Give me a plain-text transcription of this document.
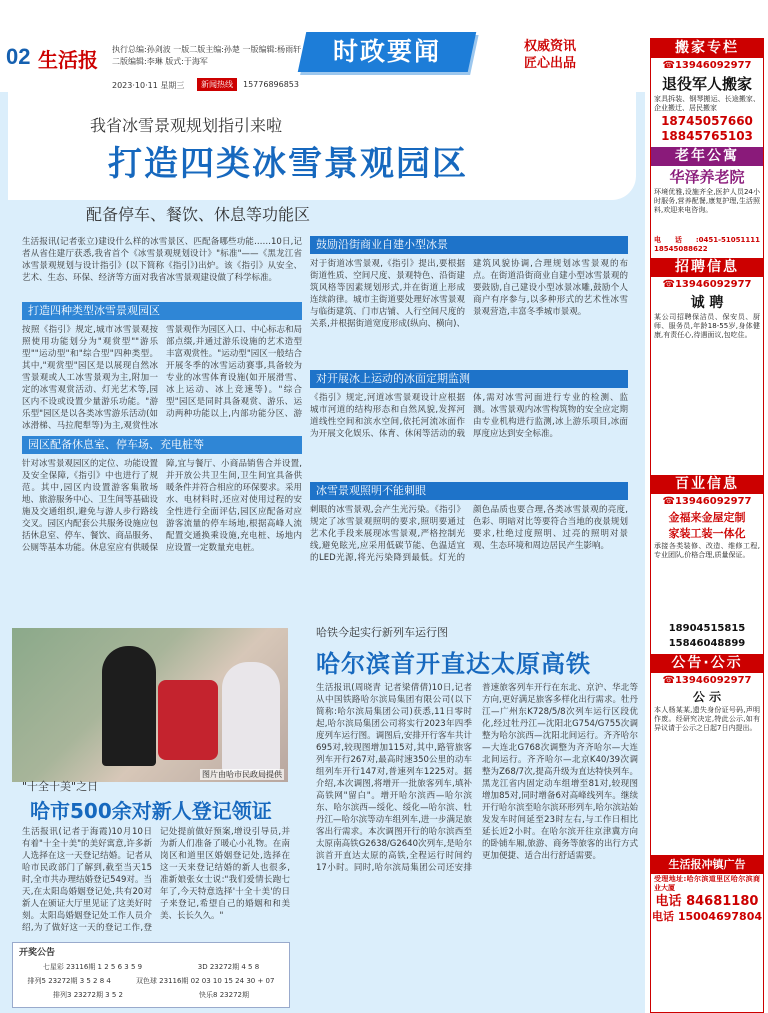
02 生活报 执行总编:孙剑波 一版二版主编:孙楚 一版编辑:杨雨轩 二版编辑:李琳 版式:于海军
2023·10·11 星期三	新闻热线	15776896853
时政要闻	权威资讯
匠心出品
我省冰雪景观规划指引来啦
打造四类冰雪景观园区
配备停车、餐饮、休息等功能区
生活报讯(记者张立)建设什么样的冰雪景区、匹配备哪些功能……10日,记者从省住建厅获悉,我省首个《冰雪景观规划设计》"标准"——《黑龙江省冰雪景观规划与设计指引》(以下简称《指引》)出炉。该《指引》从安全、艺术、生态、环保、经济等方面对我省冰雪景观建设做了科学标准。
打造四种类型冰雪景观园区
按照《指引》规定,城市冰雪景观按照使用功能划分为"观赏型""游乐型""运动型"和"综合型"四种类型。其中,"观赏型"园区是以展现自然冰雪景观或人工冰雪景观为主,附加一定的冰雪观赏活动、灯光艺术等,园区内不设或设置少量游乐功能。"游乐型"园区是以各类冰雪游乐活动(如冰滑梯、马拉爬犁等)为主,观赏性冰雪景观作为园区入口、中心标志和局部点缀,并通过游乐设施的艺术造型丰富观赏性。"运动型"园区一般结合开展冬季的冰雪运动赛事,具备较为专业的冰雪体育设施(如开展滑雪、冰上运动、冰上竞速等)。"综合型"园区是同时具备观赏、游乐、运动两种功能以上,内部功能分区、游
园区配备休息室、停车场、充电桩等
针对冰雪景观园区的定位、功能设置及安全保障,《指引》中也进行了规范。其中,园区内设置游客集散场地、旅游服务中心、卫生间等基础设施及交通组织,避免与游人步行路线交叉。园区内配套公共服务设施应包括休息室、停车、餐饮、商品服务、公厕等基本功能。休息室应有供暖保障,宜与餐厅、小商品销售合并设置,并开放公共卫生间,卫生间宜具备供暖条件并符合相应的环保要求。采用水、电材料时,还应对使用过程的安全性进行全面评估,园区应配备对应游客流量的停车场地,根据高峰人流配置交通换乘设施,充电桩、场地内应设置一定数量充电桩。
鼓励沿街商业自建小型冰景
对于街道冰雪景观,《指引》提出,要根据街道性质、空间尺度、景观特色、沿街建筑风格等因素规划形式,并在街道上形成连续韵律。城市主街道要处理好冰雪景观与临街建筑、门市店铺、人行空间尺度的关系,并根据街道宽度形成(纵向、横向)、建筑风貌协调,合理规划冰雪景观的布点。在街道沿街商业自建小型冰雪景观的要鼓励,自己建设小型冰景冰雕,鼓励个人商户有序参与,以多种形式的艺术性冰雪景观营造,丰富冬季城市景观。
对开展冰上运动的冰面定期监测
《指引》规定,河道冰雪景观设计应根据城市河道的结构形态和自然风貌,发挥河道线性空间和滨水空间,依托河流冰面作为开展文化娱乐、体育、休闲等活动的载体,需对冰雪河面进行专业的检测、监测。冰雪景观内冰雪构筑物的安全应定期由专业机构进行监测,冰上游乐项目,冰面厚度应达到安全标准。
冰雪景观照明不能刺眼
刺眼的冰雪景观,会产生光污染。《指引》规定了冰雪景观照明的要求,照明要通过艺术化手段来展现冰雪景观,严格控制光线,避免眩光,应采用低碳节能、色温适宜的LED光源,将光污染降到最低。灯光的颜色品质也要合理,各类冰雪景观的亮度,色彩、明暗对比等要符合当地的夜景规划要求,杜绝过度照明、过亮的照明对景观、生态环境和周边居民产生影响。
图片由哈市民政局提供
"十全十美"之日
哈市500余对新人登记领证
生活报讯(记者于海霞)10月10日有着"十全十美"的美好寓意,许多新人选择在这一天登记结婚。记者从哈市民政部门了解到,截至当天15时,全市共办理结婚登记549对。当天,在太阳岛婚姻登记处,共有20对新人在颁证大厅里见证了这美好时刻。太阳岛婚姻登记处工作人员介绍,为了做好这一天的登记工作,登记处提前做好预案,增设引导员,并为新人们准备了暖心小礼物。在南岗区和道里区婚姻登记处,选择在这一天来登记结婚的新人也很多,准新娘张女士说:"我们爱情长跑七年了,今天特意选择'十全十美'的日子来登记,希望自己的婚姻和和美美、长长久久。"
开奖公告
七星彩 23116期 1 2 5 6 3 5 9	3D 23272期 4 5 8
排列5 23272期 3 5 2 8 4	双色球 23116期 02 03 10 15 24 30 + 07
排列3 23272期 3 5 2	快乐8 23272期
哈铁今起实行新列车运行图
哈尔滨首开直达太原高铁
生活报讯(周晓青 记者梁倩倩)10日,记者从中国铁路哈尔滨局集团有限公司(以下简称:哈尔滨局集团公司)获悉,11日零时起,哈尔滨局集团公司将实行2023年四季度列车运行图。调图后,安排开行客车共计695对,较现图增加115对,其中,路管旅客列车开行267对,最高时速350公里的动车组列车开行147对,普速列车1225对。据介绍,本次调图,将增开一批旅客列车,填补高铁网"留白"。增开哈尔滨西—哈尔滨东、哈尔滨西—绥化、绥化—哈尔滨、牡丹江—哈尔滨等动车组列车,进一步满足旅客出行需求。本次调图开行的哈尔滨西至太原南高铁G2638/G2640次列车,是哈尔滨首开直达太原的高铁,全程运行时间约17小时。同时,哈尔滨局集团公司还安排普速旅客列车开行在东北、京沪、华北等方向,更好满足旅客多样化出行需求。牡丹江—广州东K728/5/8次列车运行区段优化,经过牡丹江—沈阳北G754/G755次调整为哈尔滨西—沈阳北间运行。齐齐哈尔—大连北G768次调整为齐齐哈尔—大连北间运行。齐齐哈尔—北京K40/39次调整为Z68/7次,提高升级为直达特快列车。黑龙江省内固定动车组增至81对,较现图增加85对,同时增备6对高峰线列车。继续开行哈尔滨至哈尔滨环形列车,哈尔滨站始发发车时间延至23时左右,与工作日相比延长近2小时。在哈尔滨开往京津冀方向的卧铺车厢,旅游、商务等旅客的出行方式更加便捷、适合出行舒适需要。
搬家专栏
☎13946092977
退役军人搬家
家具拆装、钢琴搬运、长途搬家、企业搬迁、居民搬家
18745057660
18845765103
老年公寓
华泽养老院
环境优雅,设施齐全,医护人员24小时服务,营养配餐,康复护理,生活照料,欢迎来电咨询。
电话:0451-51051111 18545088622
招聘信息
☎13946092977
诚 聘
某公司招聘保洁员、保安员、厨师、服务员,年龄18-55岁,身体健康,有责任心,待遇面议,包吃住。
百业信息
☎13946092977
金福来金屋定制
家装工装一体化
承接各类装修、改造、维修工程,专业团队,价格合理,质量保证。
18904515815
15846048899
公告·公示
☎13946092977
公 示
本人杨某某,遗失身份证号码,声明作废。经研究决定,特此公示,如有异议请于公示之日起7日内提出。
生活报冲镇广告
受理地址:哈尔滨道里区哈尔滨商业大厦
电话 84681180
电话 15004697804
